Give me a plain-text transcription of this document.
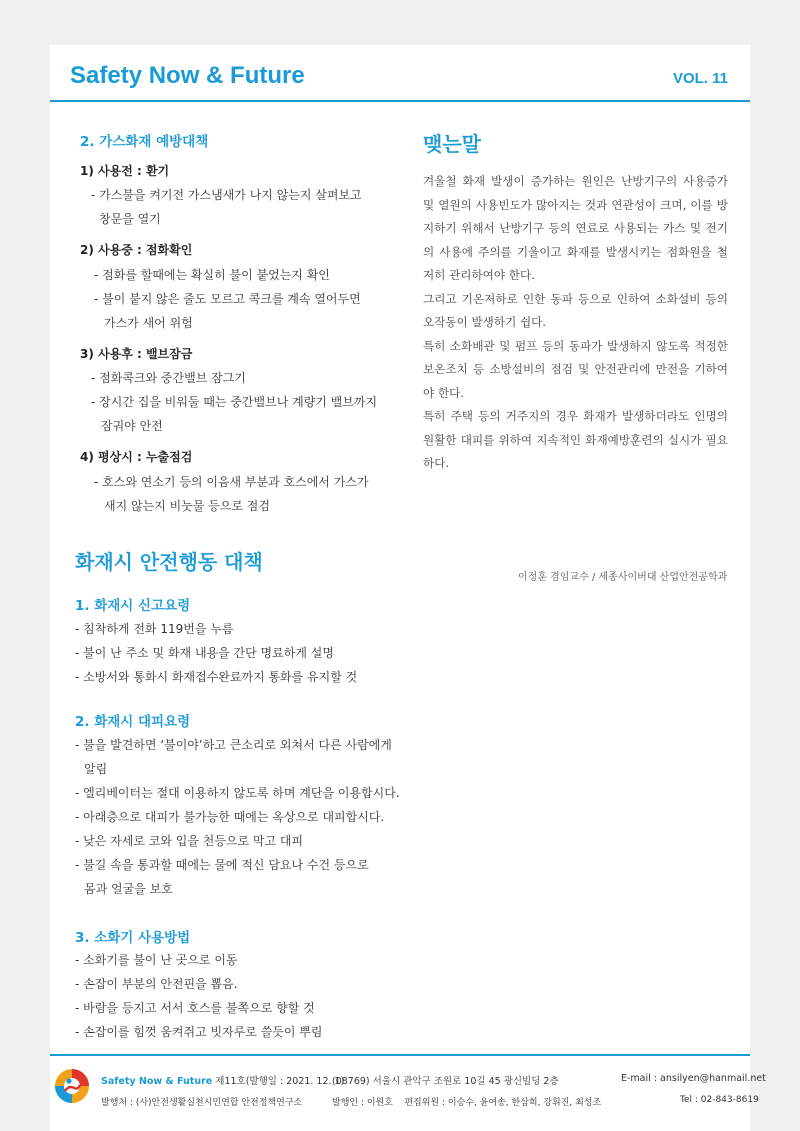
Safety Now & Future	VOL. 11
2. 가스화재 예방대책
1) 사용전 : 환기
- 가스불을 켜기전 가스냄새가 나지 않는지 살펴보고
창문을 열기
2) 사용중 : 점화확인
- 점화를 할때에는 확실히 불이 붙었는지 확인
- 불이 붙지 않은 줄도 모르고 콕크를 계속 열어두면
가스가 새어 위험
3) 사용후 : 밸브잠금
- 점화콕크와 중간밸브 잠그기
- 장시간 집을 비워둘 때는 중간밸브나 계량기 밸브까지
잠궈야 안전
4) 평상시 : 누출점검
- 호스와 연소기 등의 이음새 부분과 호스에서 가스가
새지 않는지 비눗물 등으로 점검
화재시 안전행동 대책
1. 화재시 신고요령
- 침착하게 전화 119번을 누름
- 불이 난 주소 및 화재 내용을 간단 명료하게 설명
- 소방서와 통화시 화재접수완료까지 통화를 유지할 것
2. 화재시 대피요령
- 불을 발견하면 ‘불이야’하고 큰소리로 외쳐서 다른 사람에게
알림
- 엘리베이터는 절대 이용하지 않도록 하며 계단을 이용합시다.
- 아래층으로 대피가 불가능한 때에는 옥상으로 대피합시다.
- 낮은 자세로 코와 입을 천등으로 막고 대피
- 불길 속을 통과할 때에는 물에 적신 담요나 수건 등으로
몸과 얼굴을 보호
3. 소화기 사용방법
- 소화기를 불이 난 곳으로 이동
- 손잡이 부분의 안전핀을 뽑음.
- 바람을 등지고 서서 호스를 불쪽으로 향할 것
- 손잡이를 힘껏 움켜쥐고 빗자루로 쓸듯이 뿌림
맺는말

겨울철 화재 발생이 증가하는 원인은 난방기구의 사용증가 및 열원의 사용빈도가 많아지는 것과 연관성이 크며, 이를 방지하기 위해서 난방기구 등의 연료로 사용되는 가스 및 전기의 사용에 주의를 기울이고 화재를 발생시키는 점화원을 철저히 관리하여야 한다.

그리고 기온저하로 인한 동파 등으로 인하여 소화설비 등의 오작동이 발생하기 쉽다.

특히 소화배관 및 펌프 등의 동파가 발생하지 않도록 적정한 보온조치 등 소방설비의 점검 및 안전관리에 만전을 기하여야 한다.

특히 주택 등의 거주지의 경우 화재가 발생하더라도 인명의 원활한 대피를 위하여 지속적인 화재예방훈련의 실시가 필요하다.

이정훈 겸임교수 / 세종사이버대 산업안전공학과
Safety Now & Future 제11호(발행일 : 2021. 12. 1)
(08769) 서울시 관악구 조원로 10길 45 광신빌딩 2층	E-mail : ansilyen@hanmail.net
발행처 : (사)안전생활실천시민연합 안전정책연구소	발행인 : 이원호    편집위원 : 이승수, 윤여송, 한삼희, 강휘진, 최성조	Tel : 02-843-8619
